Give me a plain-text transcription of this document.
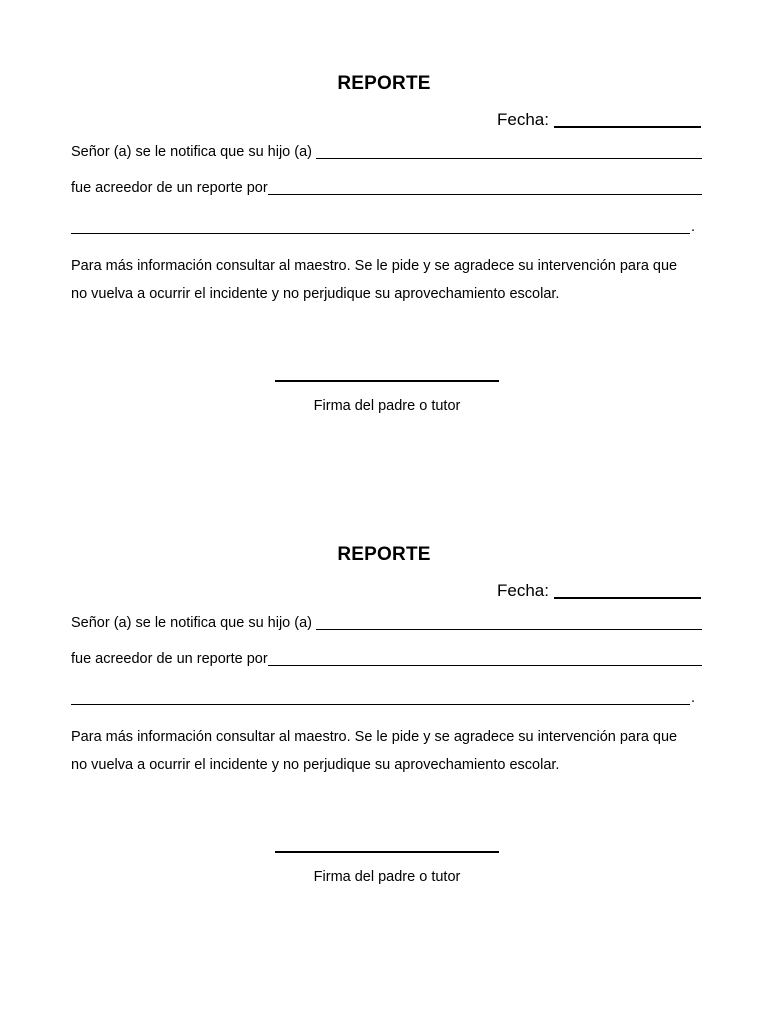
REPORTE
Fecha:
Señor (a) se le notifica que su hijo (a)
fue acreedor de un reporte por
.

Para más información consultar al maestro. Se le pide y se agradece su intervención para que

no vuelva a ocurrir el incidente y no perjudique su aprovechamiento escolar.

Firma del padre o tutor
REPORTE
Fecha:
Señor (a) se le notifica que su hijo (a)
fue acreedor de un reporte por
.

Para más información consultar al maestro. Se le pide y se agradece su intervención para que

no vuelva a ocurrir el incidente y no perjudique su aprovechamiento escolar.

Firma del padre o tutor
